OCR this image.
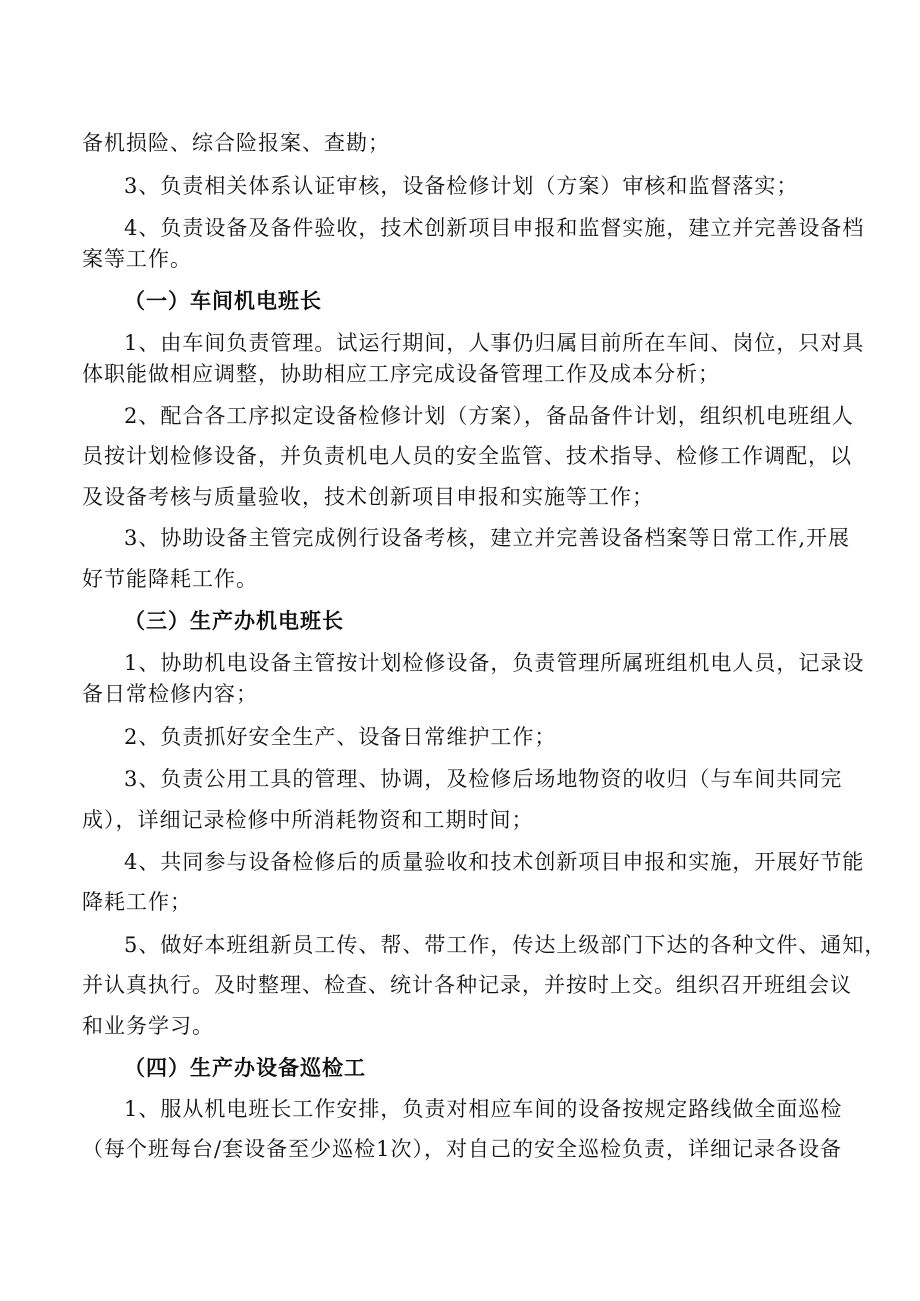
备机损险、综合险报案、查勘；
3、负责相关体系认证审核，设备检修计划（方案）审核和监督落实；
4、负责设备及备件验收，技术创新项目申报和监督实施，建立并完善设备档
案等工作。
（一）车间机电班长
1、由车间负责管理。试运行期间，人事仍归属目前所在车间、岗位，只对具
体职能做相应调整，协助相应工序完成设备管理工作及成本分析；
2、配合各工序拟定设备检修计划（方案），备品备件计划，组织机电班组人
员按计划检修设备，并负责机电人员的安全监管、技术指导、检修工作调配，以
及设备考核与质量验收，技术创新项目申报和实施等工作；
3、协助设备主管完成例行设备考核，建立并完善设备档案等日常工作,开展
好节能降耗工作。
（三）生产办机电班长
1、协助机电设备主管按计划检修设备，负责管理所属班组机电人员，记录设
备日常检修内容；
2、负责抓好安全生产、设备日常维护工作；
3、负责公用工具的管理、协调，及检修后场地物资的收归（与车间共同完
成），详细记录检修中所消耗物资和工期时间；
4、共同参与设备检修后的质量验收和技术创新项目申报和实施，开展好节能
降耗工作；
5、做好本班组新员工传、帮、带工作，传达上级部门下达的各种文件、通知，
并认真执行。及时整理、检查、统计各种记录，并按时上交。组织召开班组会议
和业务学习。
（四）生产办设备巡检工
1、服从机电班长工作安排，负责对相应车间的设备按规定路线做全面巡检
（每个班每台/套设备至少巡检1次），对自己的安全巡检负责，详细记录各设备
